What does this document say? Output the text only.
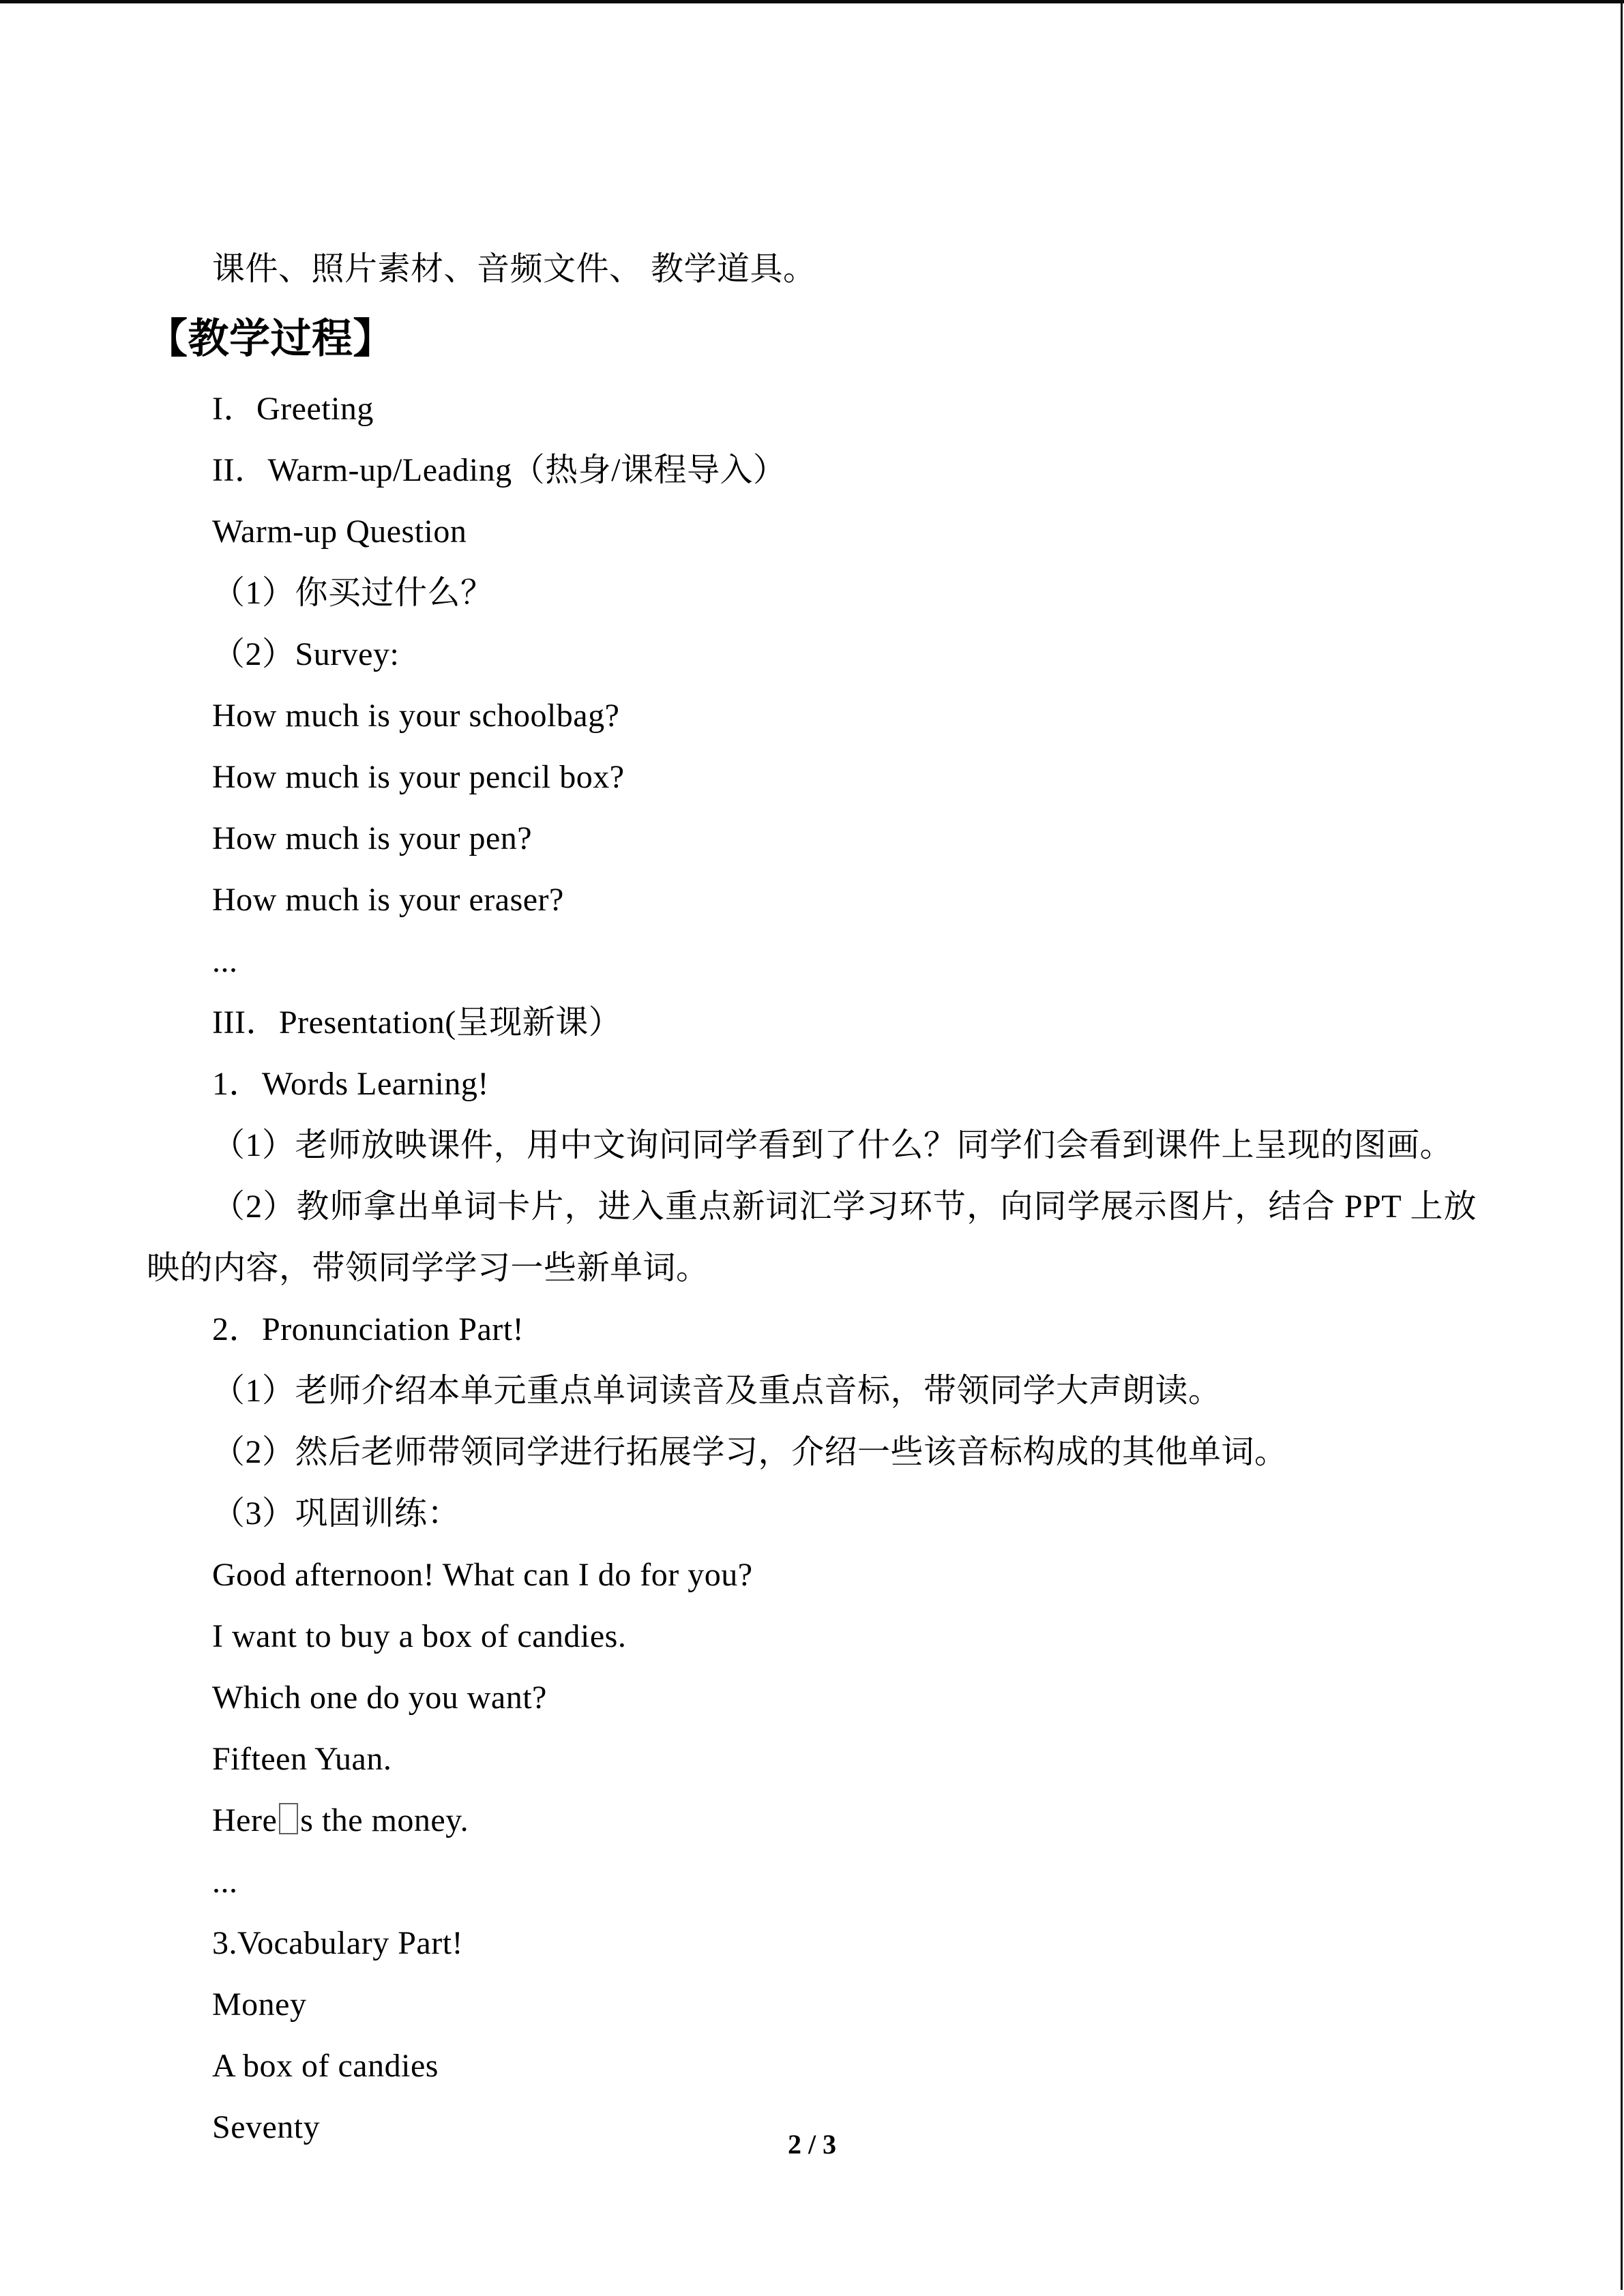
课件、照片素材、音频文件、 教学道具。
【教学过程】
I．Greeting
II．Warm-up/Leading（热身/课程导入）
Warm-up Question
（1）你买过什么？
（2）Survey:
How much is your schoolbag?
How much is your pencil box?
How much is your pen?
How much is your eraser?
...
III．Presentation(呈现新课）
1．Words Learning!
（1）老师放映课件，用中文询问同学看到了什么？同学们会看到课件上呈现的图画。
（2）教师拿出单词卡片，进入重点新词汇学习环节，向同学展示图片，结合 PPT 上放
映的内容，带领同学学习一些新单词。
2．Pronunciation Part!
（1）老师介绍本单元重点单词读音及重点音标，带领同学大声朗读。
（2）然后老师带领同学进行拓展学习，介绍一些该音标构成的其他单词。
（3）巩固训练：
Good afternoon! What can I do for you?
I want to buy a box of candies.
Which one do you want?
Fifteen Yuan.
Here s the money.
...
3.Vocabulary Part!
Money
A box of candies
Seventy	2 / 3
